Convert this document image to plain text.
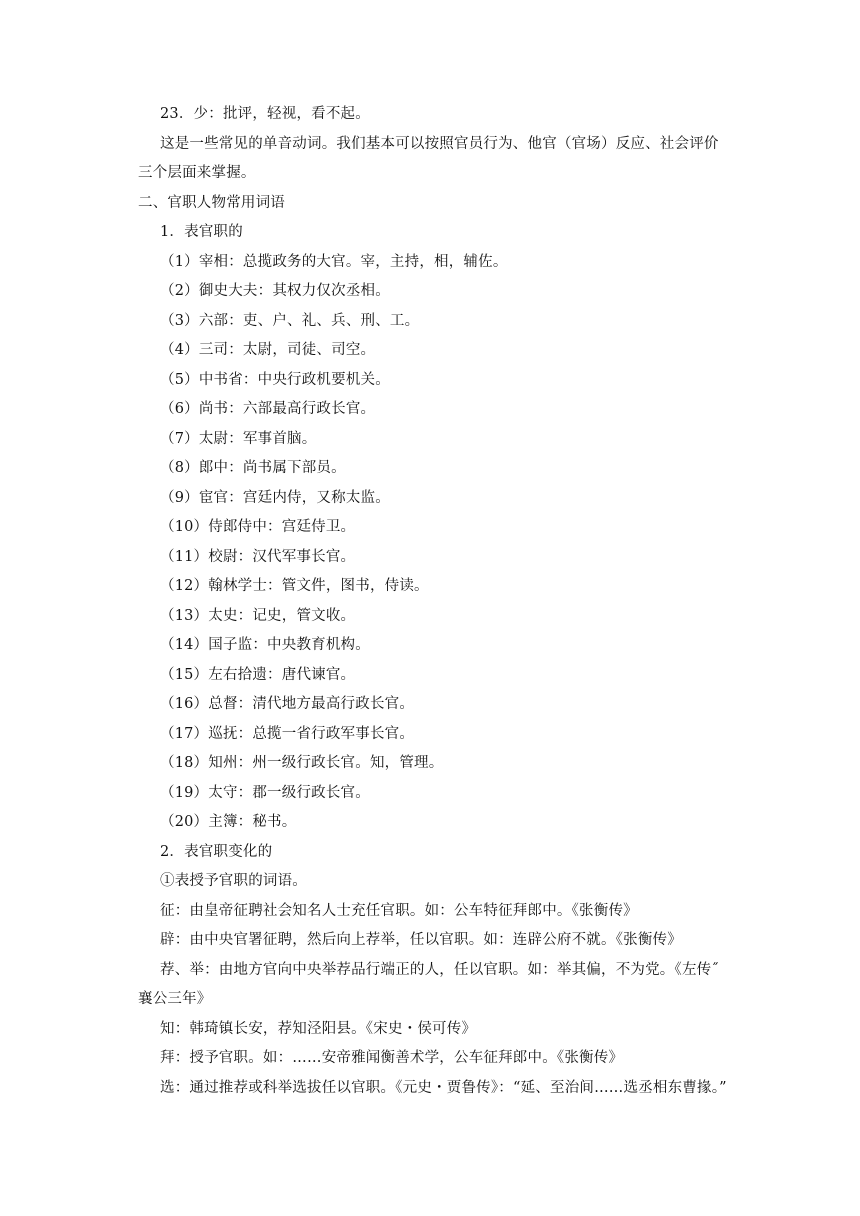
23．少：批评，轻视，看不起。
这是一些常见的单音动词。我们基本可以按照官员行为、他官（官场）反应、社会评价
三个层面来掌握。
二、官职人物常用词语
1．表官职的
（1）宰相：总揽政务的大官。宰，主持，相，辅佐。
（2）御史大夫：其权力仅次丞相。
（3）六部：吏、户、礼、兵、刑、工。
（4）三司：太尉，司徒、司空。
（5）中书省：中央行政机要机关。
（6）尚书：六部最高行政长官。
（7）太尉：军事首脑。
（8）郎中：尚书属下部员。
（9）宦官：宫廷内侍，又称太监。
（10）侍郎侍中：宫廷侍卫。
（11）校尉：汉代军事长官。
（12）翰林学士：管文件，图书，侍读。
（13）太史：记史，管文收。
（14）国子监：中央教育机构。
（15）左右拾遗：唐代谏官。
（16）总督：清代地方最高行政长官。
（17）巡抚：总揽一省行政军事长官。
（18）知州：州一级行政长官。知，管理。
（19）太守：郡一级行政长官。
（20）主簿：秘书。
2．表官职变化的
①表授予官职的词语。
征：由皇帝征聘社会知名人士充任官职。如：公车特征拜郎中。《张衡传》
辟：由中央官署征聘，然后向上荐举，任以官职。如：连辟公府不就。《张衡传》
荐、举：由地方官向中央举荐品行端正的人，任以官职。如：举其偏，不为党。《左传˝
襄公三年》
知：韩琦镇长安，荐知泾阳县。《宋史・侯可传》
拜：授予官职。如：……安帝雅闻衡善术学，公车征拜郎中。《张衡传》
选：通过推荐或科举选拔任以官职。《元史・贾鲁传》：“延、至治间……选丞相东曹掾。”
